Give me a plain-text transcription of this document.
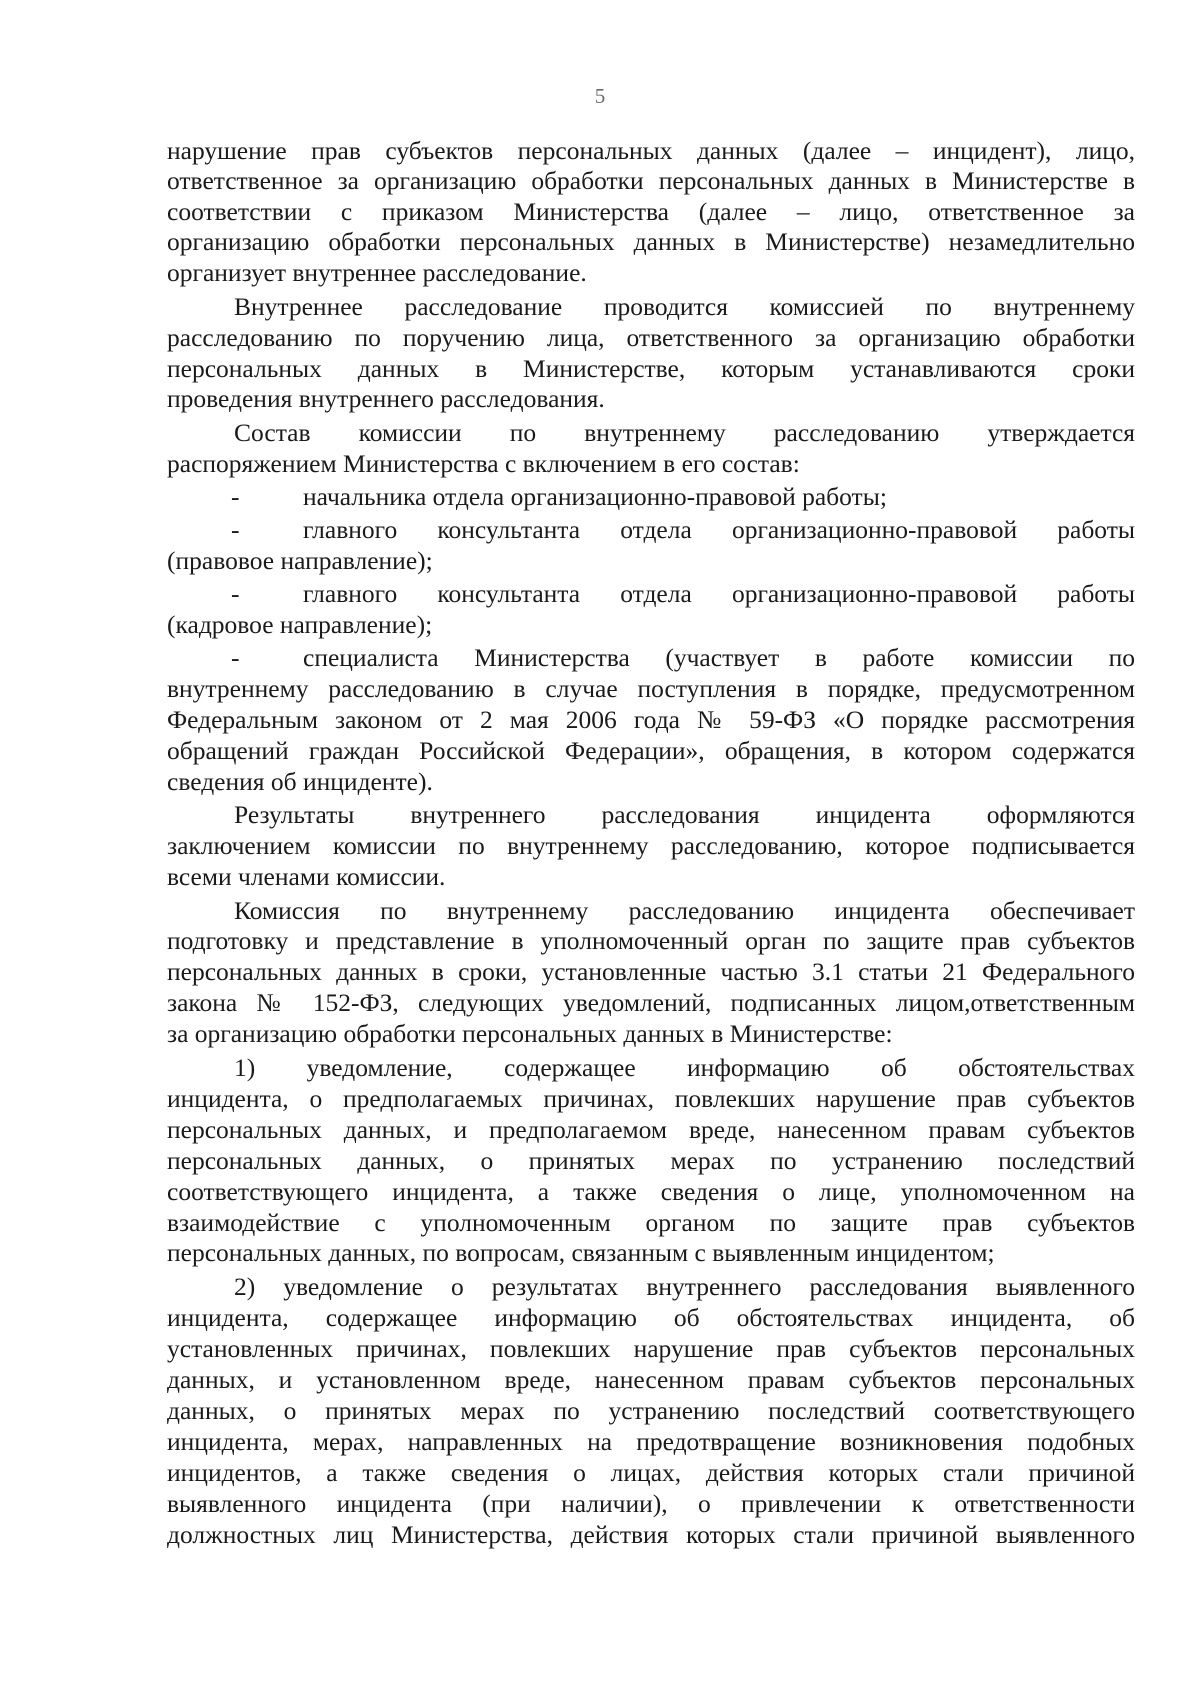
5
нарушение прав субъектов персональных данных (далее – инцидент), лицо,
ответственное за организацию обработки персональных данных в Министерстве в
соответствии с приказом Министерства (далее – лицо, ответственное за
организацию обработки персональных данных в Министерстве) незамедлительно
организует внутреннее расследование.
Внутреннее расследование проводится комиссией по внутреннему
расследованию по поручению лица, ответственного за организацию обработки
персональных данных в Министерстве, которым устанавливаются сроки
проведения внутреннего расследования.
Состав комиссии по внутреннему расследованию утверждается
распоряжением Министерства с включением в его состав:
- начальника отдела организационно-правовой работы;
- главного консультанта отдела организационно-правовой работы
(правовое направление);
- главного консультанта отдела организационно-правовой работы
(кадровое направление);
- специалиста Министерства (участвует в работе комиссии по
внутреннему расследованию в случае поступления в порядке, предусмотренном
Федеральным законом от 2 мая 2006 года № 59-ФЗ «О порядке рассмотрения
обращений граждан Российской Федерации», обращения, в котором содержатся
сведения об инциденте).
Результаты внутреннего расследования инцидента оформляются
заключением комиссии по внутреннему расследованию, которое подписывается
всеми членами комиссии.
Комиссия по внутреннему расследованию инцидента обеспечивает
подготовку и представление в уполномоченный орган по защите прав субъектов
персональных данных в сроки, установленные частью 3.1 статьи 21 Федерального
закона № 152-ФЗ, следующих уведомлений, подписанных лицом,ответственным
за организацию обработки персональных данных в Министерстве:
1) уведомление, содержащее информацию об обстоятельствах
инцидента, о предполагаемых причинах, повлекших нарушение прав субъектов
персональных данных, и предполагаемом вреде, нанесенном правам субъектов
персональных данных, о принятых мерах по устранению последствий
соответствующего инцидента, а также сведения о лице, уполномоченном на
взаимодействие с уполномоченным органом по защите прав субъектов
персональных данных, по вопросам, связанным с выявленным инцидентом;
2) уведомление о результатах внутреннего расследования выявленного
инцидента, содержащее информацию об обстоятельствах инцидента, об
установленных причинах, повлекших нарушение прав субъектов персональных
данных, и установленном вреде, нанесенном правам субъектов персональных
данных, о принятых мерах по устранению последствий соответствующего
инцидента, мерах, направленных на предотвращение возникновения подобных
инцидентов, а также сведения о лицах, действия которых стали причиной
выявленного инцидента (при наличии), о привлечении к ответственности
должностных лиц Министерства, действия которых стали причиной выявленного
